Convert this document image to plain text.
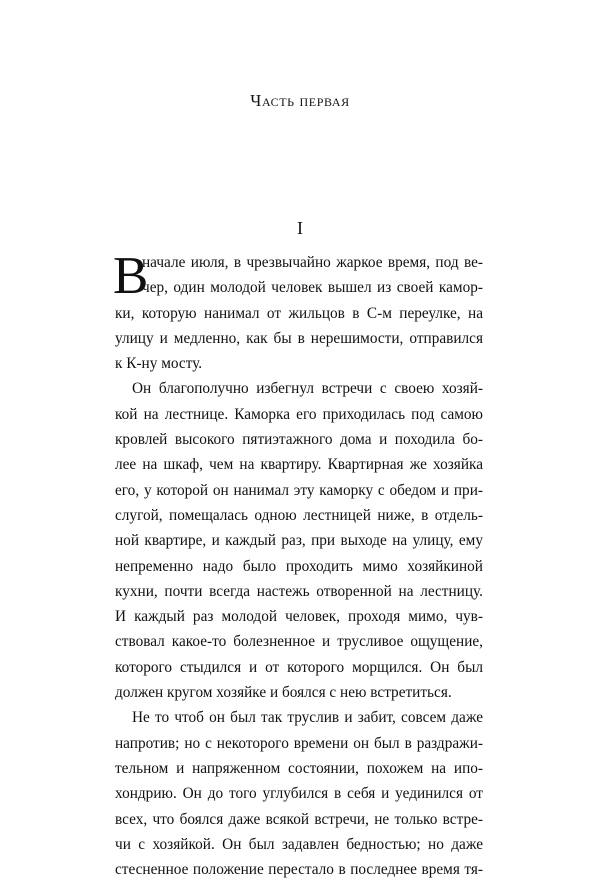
Часть первая
I
В
начале июля, в чрезвычайно жаркое время, под ве-
чер, один молодой человек вышел из своей камор-
ки, которую нанимал от жильцов в С-м переулке, на
улицу и медленно, как бы в нерешимости, отправился
к К-ну мосту.
Он благополучно избегнул встречи с своею хозяй-
кой на лестнице. Каморка его приходилась под самою
кровлей высокого пятиэтажного дома и походила бо-
лее на шкаф, чем на квартиру. Квартирная же хозяйка
его, у которой он нанимал эту каморку с обедом и при-
слугой, помещалась одною лестницей ниже, в отдель-
ной квартире, и каждый раз, при выходе на улицу, ему
непременно надо было проходить мимо хозяйкиной
кухни, почти всегда настежь отворенной на лестницу.
И каждый раз молодой человек, проходя мимо, чув-
ствовал какое-то болезненное и трусливое ощущение,
которого стыдился и от которого морщился. Он был
должен кругом хозяйке и боялся с нею встретиться.
Не то чтоб он был так труслив и забит, совсем даже
напротив; но с некоторого времени он был в раздражи-
тельном и напряженном состоянии, похожем на ипо-
хондрию. Он до того углубился в себя и уединился от
всех, что боялся даже всякой встречи, не только встре-
чи с хозяйкой. Он был задавлен бедностью; но даже
стесненное положение перестало в последнее время тя-
